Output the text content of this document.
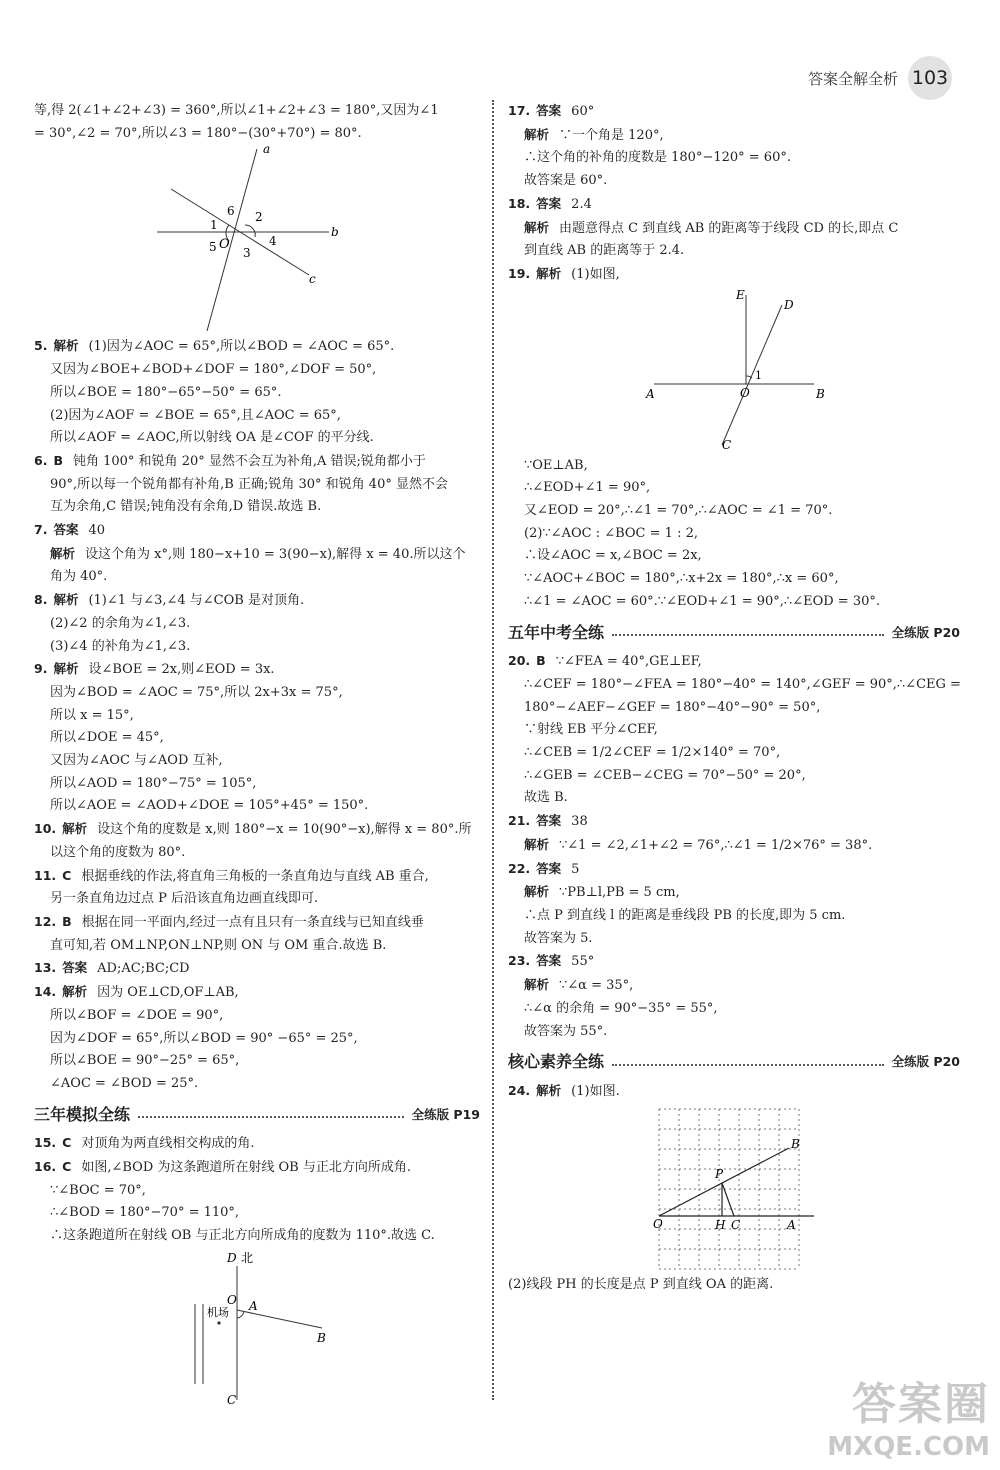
答案全解全析 103
等,得 2(∠1+∠2+∠3) = 360°,所以∠1+∠2+∠3 = 180°,又因为∠1
= 30°,∠2 = 70°,所以∠3 = 180°−(30°+70°) = 80°.
a
b
c
O
1
2
3
4
5
6
5. 解析 (1)因为∠AOC = 65°,所以∠BOD = ∠AOC = 65°.
又因为∠BOE+∠BOD+∠DOF = 180°,∠DOF = 50°,
所以∠BOE = 180°−65°−50° = 65°.
(2)因为∠AOF = ∠BOE = 65°,且∠AOC = 65°,
所以∠AOF = ∠AOC,所以射线 OA 是∠COF 的平分线.
6. B 钝角 100° 和锐角 20° 显然不会互为补角,A 错误;锐角都小于
90°,所以每一个锐角都有补角,B 正确;锐角 30° 和锐角 40° 显然不会
互为余角,C 错误;钝角没有余角,D 错误.故选 B.
7. 答案 40
解析 设这个角为 x°,则 180−x+10 = 3(90−x),解得 x = 40.所以这个
角为 40°.
8. 解析 (1)∠1 与∠3,∠4 与∠COB 是对顶角.
(2)∠2 的余角为∠1,∠3.
(3)∠4 的补角为∠1,∠3.
9. 解析 设∠BOE = 2x,则∠EOD = 3x.
因为∠BOD = ∠AOC = 75°,所以 2x+3x = 75°,
所以 x = 15°,
所以∠DOE = 45°,
又因为∠AOC 与∠AOD 互补,
所以∠AOD = 180°−75° = 105°,
所以∠AOE = ∠AOD+∠DOE = 105°+45° = 150°.
10. 解析 设这个角的度数是 x,则 180°−x = 10(90°−x),解得 x = 80°.所
以这个角的度数为 80°.
11. C 根据垂线的作法,将直角三角板的一条直角边与直线 AB 重合,
另一条直角边过点 P 后沿该直角边画直线即可.
12. B 根据在同一平面内,经过一点有且只有一条直线与已知直线垂
直可知,若 OM⊥NP,ON⊥NP,则 ON 与 OM 重合.故选 B.
13. 答案 AD;AC;BC;CD
14. 解析 因为 OE⊥CD,OF⊥AB,
所以∠BOF = ∠DOE = 90°,
因为∠DOF = 65°,所以∠BOD = 90° −65° = 25°,
所以∠BOE = 90°−25° = 65°,
∠AOC = ∠BOD = 25°.
三年模拟全练	全练版 P19
15. C 对顶角为两直线相交构成的角.
16. C 如图,∠BOD 为这条跑道所在射线 OB 与正北方向所成角.
∵∠BOC = 70°,
∴∠BOD = 180°−70° = 110°,
∴这条跑道所在射线 OB 与正北方向所成角的度数为 110°.故选 C.
D 北
O
机场 A
B
C
17. 答案 60°
解析 ∵一个角是 120°,
∴这个角的补角的度数是 180°−120° = 60°.
故答案是 60°.
18. 答案 2.4
解析 由题意得点 C 到直线 AB 的距离等于线段 CD 的长,即点 C
到直线 AB 的距离等于 2.4.
19. 解析 (1)如图,
E
D
A	O	B
C
1
∵OE⊥AB,
∴∠EOD+∠1 = 90°,
又∠EOD = 20°,∴∠1 = 70°,∴∠AOC = ∠1 = 70°.
(2)∵∠AOC : ∠BOC = 1 : 2,
∴设∠AOC = x,∠BOC = 2x,
∵∠AOC+∠BOC = 180°,∴x+2x = 180°,∴x = 60°,
∴∠1 = ∠AOC = 60°.∵∠EOD+∠1 = 90°,∴∠EOD = 30°.
五年中考全练	全练版 P20
20. B ∵∠FEA = 40°,GE⊥EF,
∴∠CEF = 180°−∠FEA = 180°−40° = 140°,∠GEF = 90°,∴∠CEG =
180°−∠AEF−∠GEF = 180°−40°−90° = 50°,
∵射线 EB 平分∠CEF,
∴∠CEB = 1/2∠CEF = 1/2×140° = 70°,
∴∠GEB = ∠CEB−∠CEG = 70°−50° = 20°,
故选 B.
21. 答案 38
解析 ∵∠1 = ∠2,∠1+∠2 = 76°,∴∠1 = 1/2×76° = 38°.
22. 答案 5
解析 ∵PB⊥l,PB = 5 cm,
∴点 P 到直线 l 的距离是垂线段 PB 的长度,即为 5 cm.
故答案为 5.
23. 答案 55°
解析 ∵∠α = 35°,
∴∠α 的余角 = 90°−35° = 55°,
故答案为 55°.
核心素养全练	全练版 P20
24. 解析 (1)如图.
B
P
O	H C	A
(2)线段 PH 的长度是点 P 到直线 OA 的距离.
答案圈
MXQE.COM
